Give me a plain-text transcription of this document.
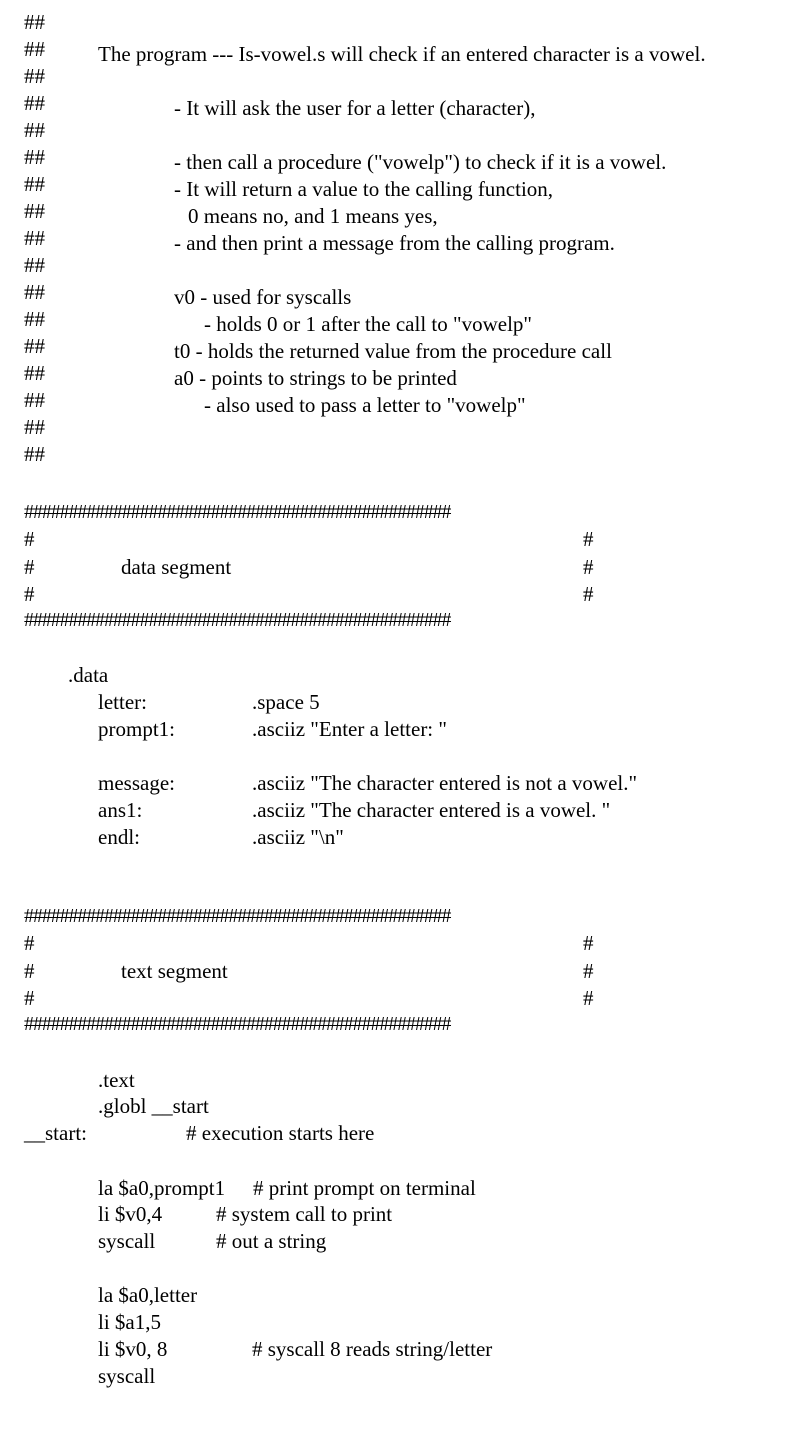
##
##
##
##
##
##
##
##
##
##
##
##
##
##
##
##
##
The program --- Is-vowel.s will check if an entered character is a vowel.
- It will ask the user for a letter (character),
- then call a procedure ("vowelp") to check if it is a vowel.
- It will return a value to the calling function,
0 means no, and 1 means yes,
- and then print a message from the calling program.
v0 - used for syscalls
- holds 0 or 1 after the call to "vowelp"
t0 - holds the returned value from the procedure call
a0 - points to strings to be printed
- also used to pass a letter to "vowelp"
################################################
#	#
#	data segment	#
#	#
################################################
.data
letter:	.space 5
prompt1:	.asciiz "Enter a letter: "
message:	.asciiz "The character entered is not a vowel."
ans1:	.asciiz "The character entered is a vowel. "
endl:	.asciiz "\n"
################################################
#	#
#	text segment	#
#	#
################################################
.text
.globl __start
__start:	# execution starts here
la $a0,prompt1 # print prompt on terminal
li $v0,4	# system call to print
syscall	# out a string
la $a0,letter
li $a1,5
li $v0, 8	# syscall 8 reads string/letter
syscall
